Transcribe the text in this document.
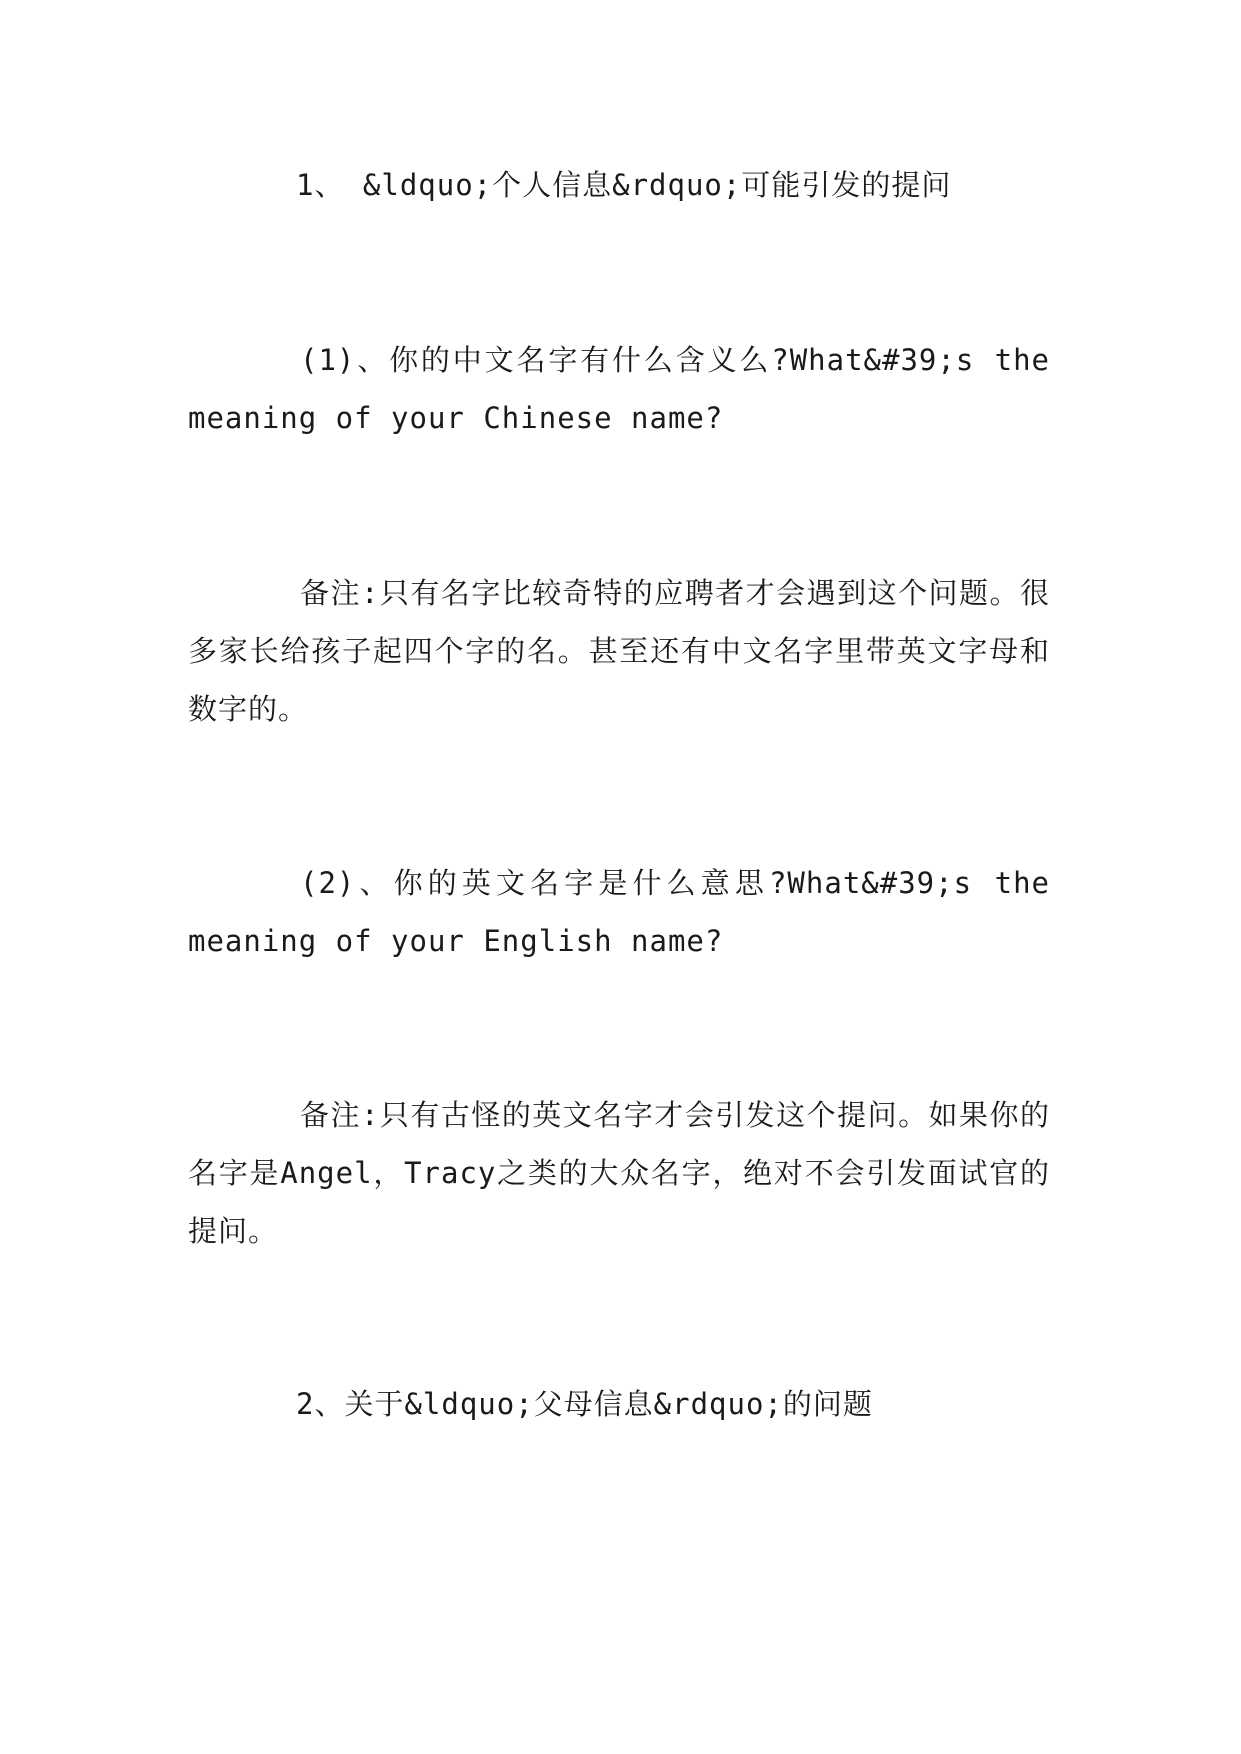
1、 &ldquo;个人信息&rdquo;可能引发的提问

(1)、你的中文名字有什么含义么?What&#39;s the meaning of your Chinese name?

备注:只有名字比较奇特的应聘者才会遇到这个问题。很多家长给孩子起四个字的名。甚至还有中文名字里带英文字母和数字的。

(2)、你的英文名字是什么意思?What&#39;s the meaning of your English name?

备注:只有古怪的英文名字才会引发这个提问。如果你的名字是Angel，Tracy之类的大众名字，绝对不会引发面试官的提问。

2、关于&ldquo;父母信息&rdquo;的问题
